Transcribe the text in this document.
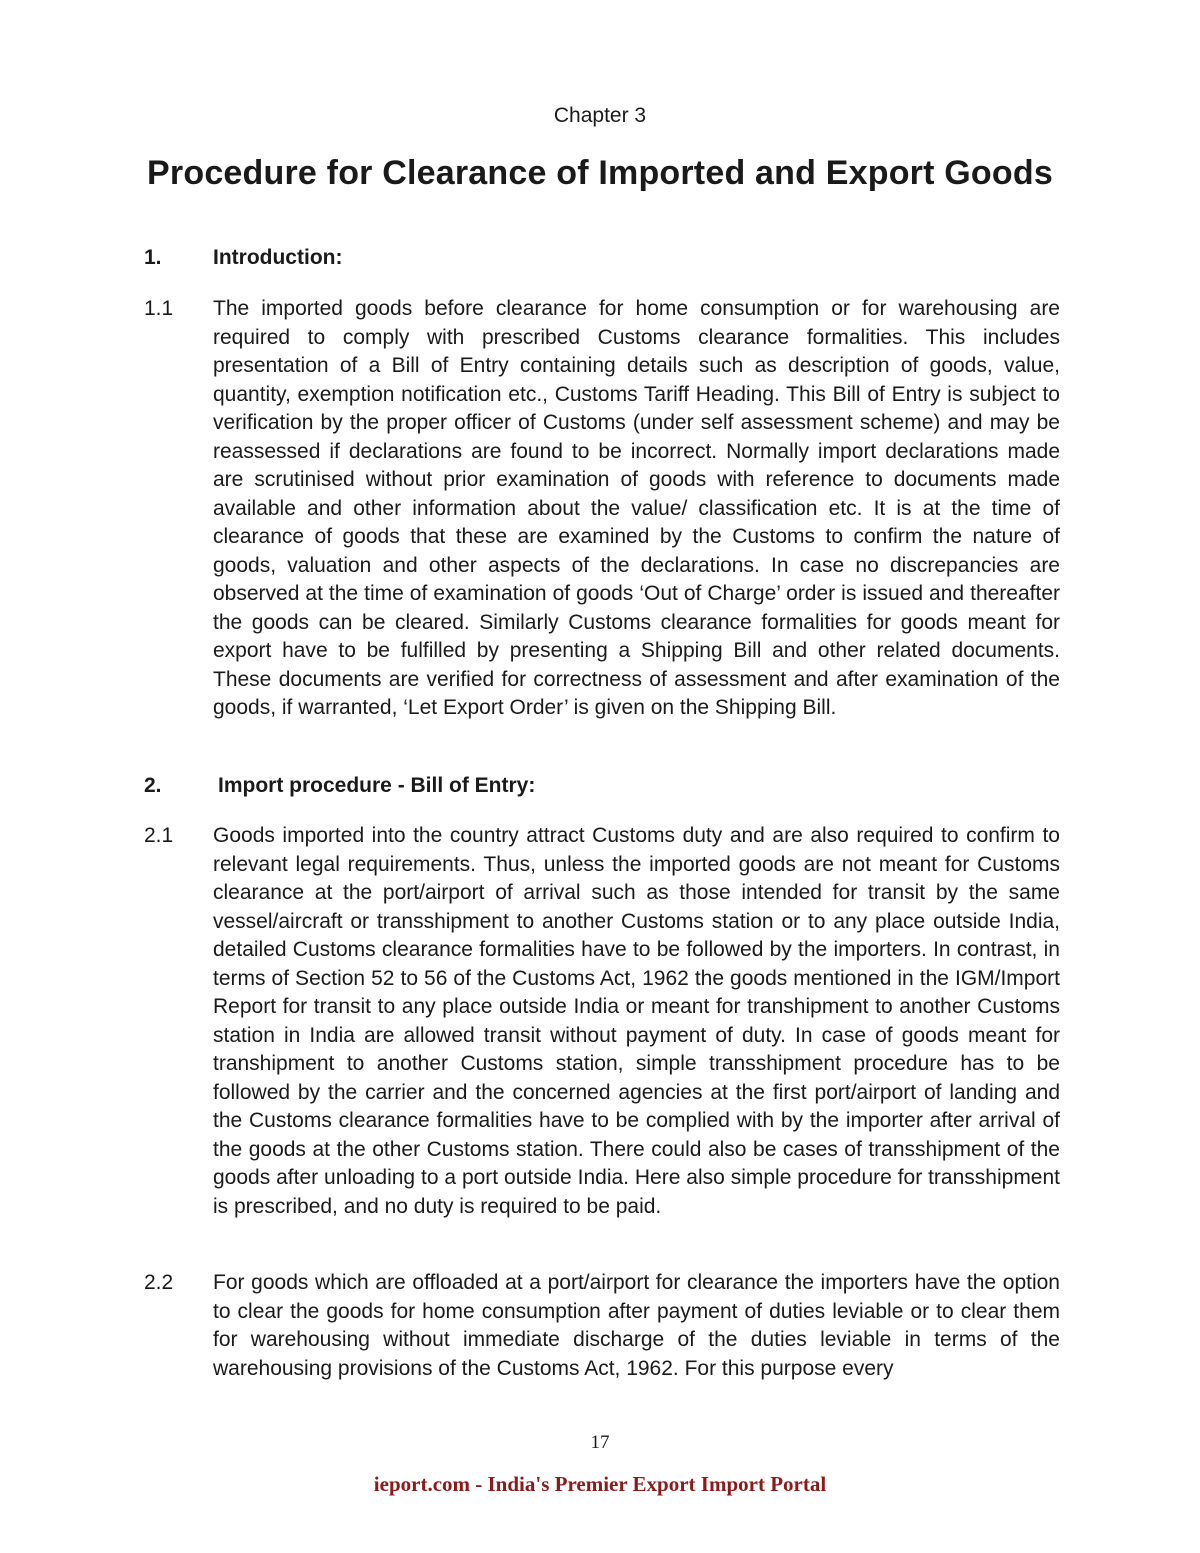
Chapter 3
Procedure for Clearance of Imported and Export Goods
1. Introduction:
1.1 The imported goods before clearance for home consumption or for warehousing are required to comply with prescribed Customs clearance formalities. This includes presentation of a Bill of Entry containing details such as description of goods, value, quantity, exemption notification etc., Customs Tariff Heading. This Bill of Entry is subject to verification by the proper officer of Customs (under self assessment scheme) and may be reassessed if declarations are found to be incorrect. Normally import declarations made are scrutinised without prior examination of goods with reference to documents made available and other information about the value/ classification etc. It is at the time of clearance of goods that these are examined by the Customs to confirm the nature of goods, valuation and other aspects of the declarations. In case no discrepancies are observed at the time of examination of goods ‘Out of Charge’ order is issued and thereafter the goods can be cleared. Similarly Customs clearance formalities for goods meant for export have to be fulfilled by presenting a Shipping Bill and other related documents. These documents are verified for correctness of assessment and after examination of the goods, if warranted, ‘Let Export Order’ is given on the Shipping Bill.
2.	Import procedure - Bill of Entry:
2.1 Goods imported into the country attract Customs duty and are also required to confirm to relevant legal requirements. Thus, unless the imported goods are not meant for Customs clearance at the port/airport of arrival such as those intended for transit by the same vessel/aircraft or transshipment to another Customs station or to any place outside India, detailed Customs clearance formalities have to be followed by the importers. In contrast, in terms of Section 52 to 56 of the Customs Act, 1962 the goods mentioned in the IGM/Import Report for transit to any place outside India or meant for transhipment to another Customs station in India are allowed transit without payment of duty. In case of goods meant for transhipment to another Customs station, simple transshipment procedure has to be followed by the carrier and the concerned agencies at the first port/airport of landing and the Customs clearance formalities have to be complied with by the importer after arrival of the goods at the other Customs station. There could also be cases of transshipment of the goods after unloading to a port outside India. Here also simple procedure for transshipment is prescribed, and no duty is required to be paid.
2.2 For goods which are offloaded at a port/airport for clearance the importers have the option to clear the goods for home consumption after payment of duties leviable or to clear them for warehousing without immediate discharge of the duties leviable in terms of the warehousing provisions of the Customs Act, 1962. For this purpose every
17
ieport.com - India's Premier Export Import Portal
